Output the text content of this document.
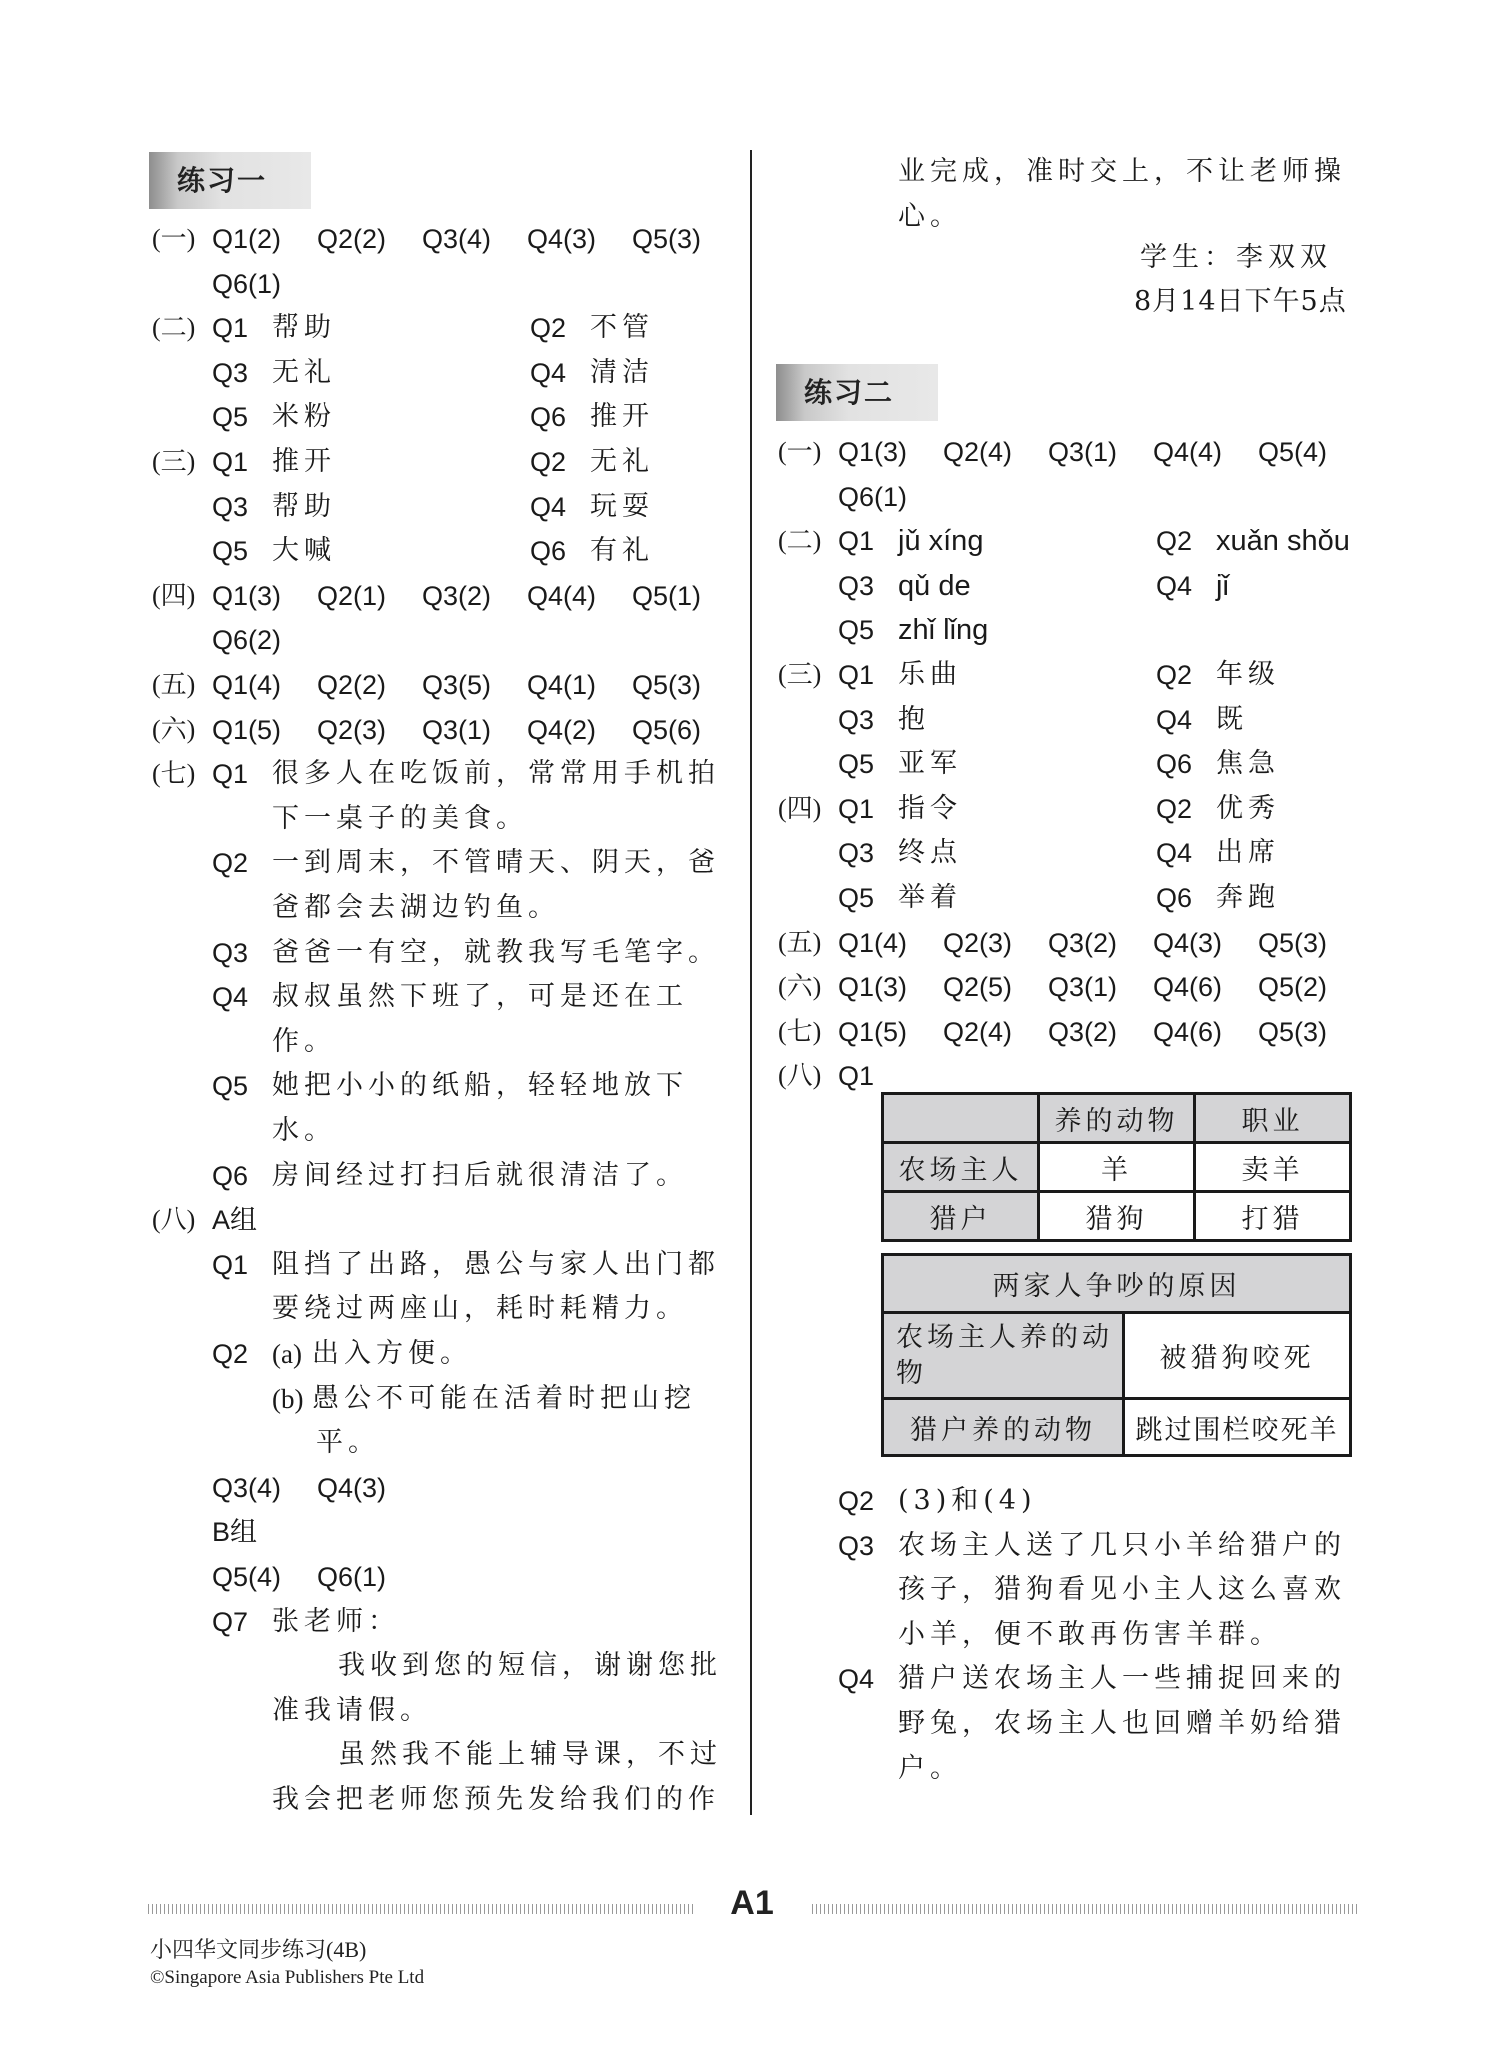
练习一
(一) Q1(2) Q2(2) Q3(4) Q4(3) Q5(3)
Q6(1)
(二) Q1 帮助	Q2 不管
Q3 无礼	Q4 清洁
Q5 米粉	Q6 推开
(三) Q1 推开	Q2 无礼
Q3 帮助	Q4 玩耍
Q5 大喊	Q6 有礼
(四) Q1(3) Q2(1) Q3(2) Q4(4) Q5(1)
Q6(2)
(五) Q1(4) Q2(2) Q3(5) Q4(1) Q5(3)
(六) Q1(5) Q2(3) Q3(1) Q4(2) Q5(6)
(七) Q1 很多人在吃饭前，常常用手机拍
下一桌子的美食。
Q2 一到周末，不管晴天、阴天，爸
爸都会去湖边钓鱼。
Q3 爸爸一有空，就教我写毛笔字。
Q4 叔叔虽然下班了，可是还在工
作。
Q5 她把小小的纸船，轻轻地放下
水。
Q6 房间经过打扫后就很清洁了。
(八) A组
Q1 阻挡了出路，愚公与家人出门都
要绕过两座山，耗时耗精力。
Q2 (a) 出入方便。
(b) 愚公不可能在活着时把山挖
平。
Q3(4) Q4(3)
B组
Q5(4) Q6(1)
Q7 张老师：
我收到您的短信，谢谢您批
准我请假。
虽然我不能上辅导课，不过
我会把老师您预先发给我们的作
业完成，准时交上，不让老师操
心。
学生：李双双
8月14日下午5点
练习二
(一) Q1(3) Q2(4) Q3(1) Q4(4) Q5(4)
Q6(1)
(二) Q1 jǔ xíng	Q2 xuǎn shǒu
Q3 qǔ de	Q4 jǐ
Q5 zhǐ lǐng
(三) Q1 乐曲	Q2 年级
Q3 抱	Q4 既
Q5 亚军	Q6 焦急
(四) Q1 指令	Q2 优秀
Q3 终点	Q4 出席
Q5 举着	Q6 奔跑
(五) Q1(4) Q2(3) Q3(2) Q4(3) Q5(3)
(六) Q1(3) Q2(5) Q3(1) Q4(6) Q5(2)
(七) Q1(5) Q2(4) Q3(2) Q4(6) Q5(3)
(八) Q1
	养的动物	职业
农场主人	羊	卖羊
猎户	猎狗	打猎
两家人争吵的原因	
农场主人养的动物	被猎狗咬死
猎户养的动物	跳过围栏咬死羊
Q2 (3)和(4)
Q3 农场主人送了几只小羊给猎户的
孩子，猎狗看见小主人这么喜欢
小羊，便不敢再伤害羊群。
Q4 猎户送农场主人一些捕捉回来的
野兔，农场主人也回赠羊奶给猎
户。
A1
小四华文同步练习(4B)
©Singapore Asia Publishers Pte Ltd
